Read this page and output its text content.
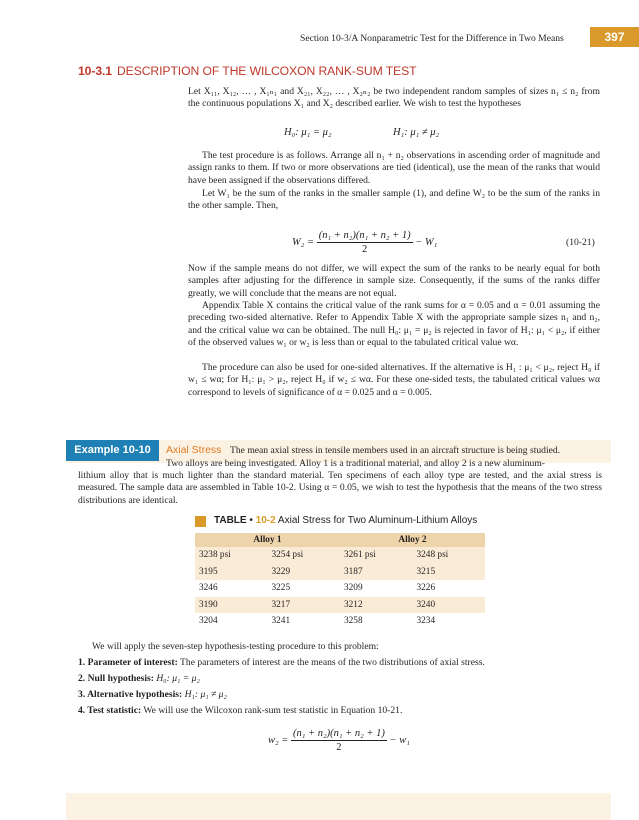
Section 10-3/A Nonparametric Test for the Difference in Two Means	397
10-3.1 DESCRIPTION OF THE WILCOXON RANK-SUM TEST
Let X₁₁, X₁₂, … , X₁ₙ₁ and X₂₁, X₂₂, … , X₂ₙ₂ be two independent random samples of sizes n₁ ≤ n₂ from the continuous populations X₁ and X₂ described earlier. We wish to test the hypotheses
H₀: μ₁ = μ₂	H₁: μ₁ ≠ μ₂
The test procedure is as follows. Arrange all n₁ + n₂ observations in ascending order of magnitude and assign ranks to them. If two or more observations are tied (identical), use the mean of the ranks that would have been assigned if the observations differed.
Let W₁ be the sum of the ranks in the smaller sample (1), and define W₂ to be the sum of the ranks in the other sample. Then,
$W_2 = \frac{\text{(n₁ + n₂)(n₁ + n₂ + 1)}}{2} - W_1$	(10-21)
Now if the sample means do not differ, we will expect the sum of the ranks to be nearly equal for both samples after adjusting for the difference in sample size. Consequently, if the sums of the ranks differ greatly, we will conclude that the means are not equal.
Appendix Table X contains the critical value of the rank sums for α = 0.05 and α = 0.01 assuming the preceding two-sided alternative. Refer to Appendix Table X with the appropriate sample sizes n₁ and n₂, and the critical value wα can be obtained. The null H₀: μ₁ = μ₂ is rejected in favor of H₁: μ₁ < μ₂, if either of the observed values w₁ or w₂ is less than or equal to the tabulated critical value wα.
The procedure can also be used for one-sided alternatives. If the alternative is H₁ : μ₁ < μ₂, reject H₀ if w₁ ≤ wα; for H₁: μ₁ > μ₂, reject H₀ if w₂ ≤ wα. For these one-sided tests, the tabulated critical values wα correspond to levels of significance of α = 0.025 and α = 0.005.
Example 10-10	Axial Stress The mean axial stress in tensile members used in an aircraft structure is being studied.
Two alloys are being investigated. Alloy 1 is a traditional material, and alloy 2 is a new aluminum-
lithium alloy that is much lighter than the standard material. Ten specimens of each alloy type are tested, and the axial stress is measured. The sample data are assembled in Table 10-2. Using α = 0.05, we wish to test the hypothesis that the means of the two stress distributions are identical.
TABLE • 10-2 Axial Stress for Two Aluminum-Lithium Alloys
Alloy 1		Alloy 2	
3238 psi	3254 psi	3261 psi	3248 psi
3195	3229	3187	3215
3246	3225	3209	3226
3190	3217	3212	3240
3204	3241	3258	3234
We will apply the seven-step hypothesis-testing procedure to this problem:
1. Parameter of interest: The parameters of interest are the means of the two distributions of axial stress.
2. Null hypothesis: H₀: μ₁ = μ₂
3. Alternative hypothesis: H₁: μ₁ ≠ μ₂
4. Test statistic: We will use the Wilcoxon rank-sum test statistic in Equation 10-21.
$w_2 = \frac{\text{(n₁ + n₂)(n₁ + n₂ + 1)}}{2} - w_1$
